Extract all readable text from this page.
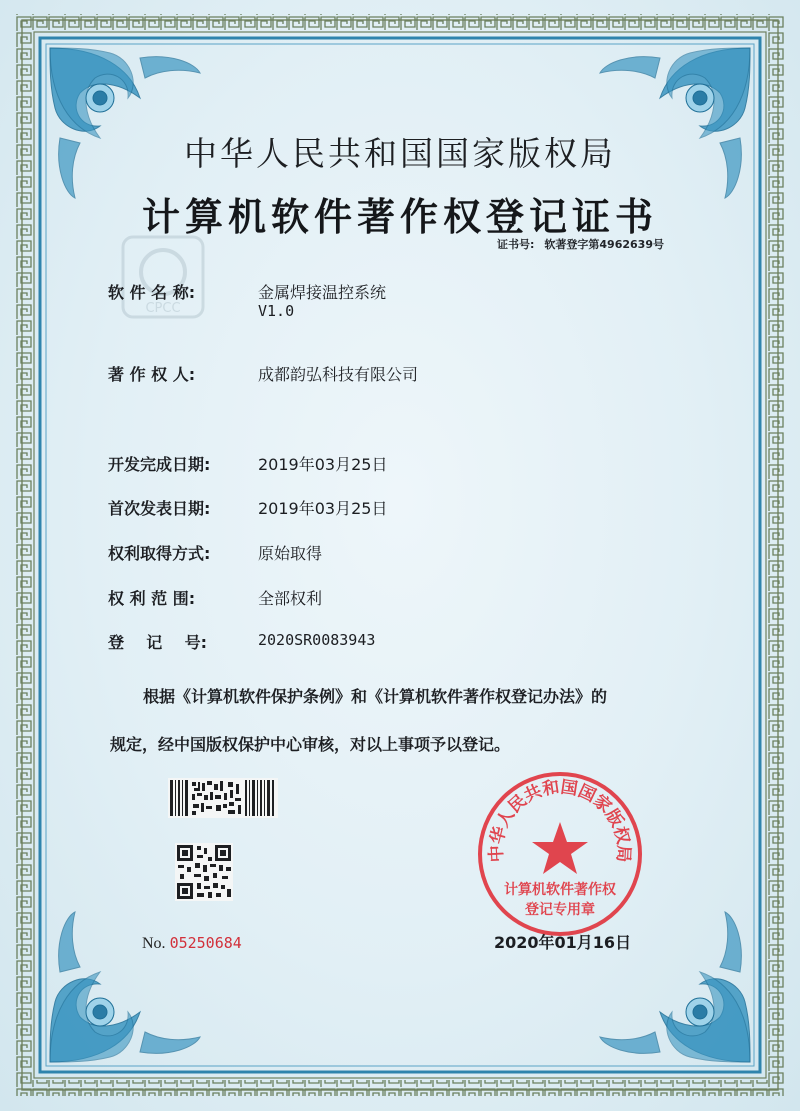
CPCC
中华人民共和国国家版权局
计算机软件著作权登记证书
证书号: 软著登字第4962639号
软 件 名 称:	金属焊接温控系统
V1.0
著 作 权 人:	成都韵弘科技有限公司
开发完成日期:	2019年03月25日
首次发表日期:	2019年03月25日
权利取得方式:	原始取得
权 利 范 围:	全部权利
登    记    号:	2020SR0083943
根据《计算机软件保护条例》和《计算机软件著作权登记办法》的
规定，经中国版权保护中心审核，对以上事项予以登记。
No. 05250684
中华人民共和国国家版权局
计算机软件著作权
登记专用章
2020年01月16日
